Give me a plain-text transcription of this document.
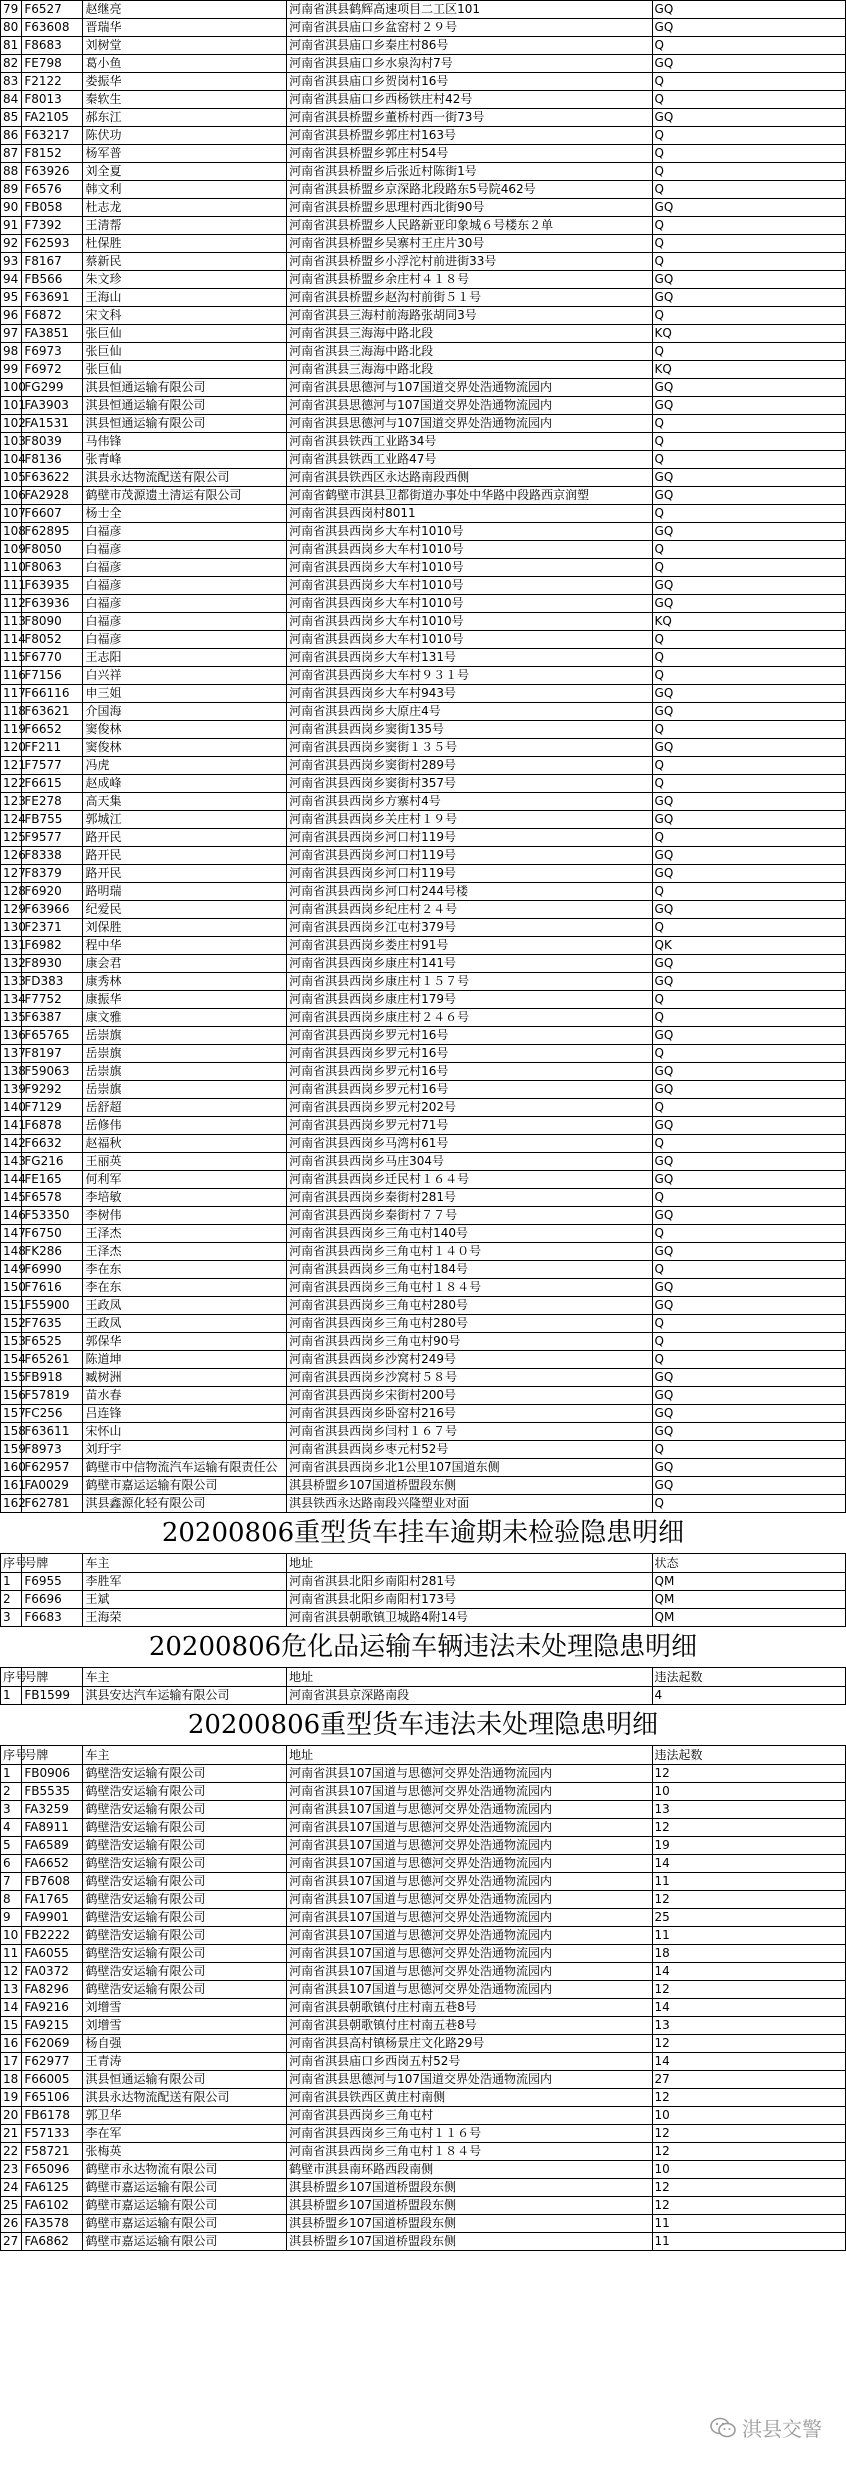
79	F6527	赵继亮	河南省淇县鹤辉高速项目二工区101	GQ
80	F63608	晋瑞华	河南省淇县庙口乡盆窑村２９号	GQ
81	F8683	刘树堂	河南省淇县庙口乡秦庄村86号	Q
82	FE798	葛小鱼	河南省淇县庙口乡水泉沟村7号	GQ
83	F2122	娄振华	河南省淇县庙口乡贺岗村16号	Q
84	F8013	秦软生	河南省淇县庙口乡西杨铁庄村42号	Q
85	FA2105	郝东江	河南省淇县桥盟乡董桥村西一街73号	GQ
86	F63217	陈伏功	河南省淇县桥盟乡郭庄村163号	Q
87	F8152	杨军普	河南省淇县桥盟乡郭庄村54号	Q
88	F63926	刘全夏	河南省淇县桥盟乡后张近村陈街1号	Q
89	F6576	韩文利	河南省淇县桥盟乡京深路北段路东5号院462号	Q
90	FB058	杜志龙	河南省淇县桥盟乡思理村西北街90号	GQ
91	F7392	王清帮	河南省淇县桥盟乡人民路新亚印象城６号楼东２单	Q
92	F62593	杜保胜	河南省淇县桥盟乡吴寨村王庄片30号	Q
93	F8167	蔡新民	河南省淇县桥盟乡小浮沱村前进街33号	Q
94	FB566	朱文珍	河南省淇县桥盟乡余庄村４１８号	GQ
95	F63691	王海山	河南省淇县桥盟乡赵沟村前街５１号	GQ
96	F6872	宋文科	河南省淇县三海村前海路张胡同3号	Q
97	FA3851	张巨仙	河南省淇县三海海中路北段	KQ
98	F6973	张巨仙	河南省淇县三海海中路北段	Q
99	F6972	张巨仙	河南省淇县三海海中路北段	KQ
100	FG299	淇县恒通运输有限公司	河南省淇县思德河与107国道交界处浩通物流园内	GQ
101	FA3903	淇县恒通运输有限公司	河南省淇县思德河与107国道交界处浩通物流园内	GQ
102	FA1531	淇县恒通运输有限公司	河南省淇县思德河与107国道交界处浩通物流园内	Q
103	F8039	马伟锋	河南省淇县铁西工业路34号	Q
104	F8136	张青峰	河南省淇县铁西工业路47号	Q
105	F63622	淇县永达物流配送有限公司	河南省淇县铁西区永达路南段西侧	GQ
106	FA2928	鹤壁市茂源遗土清运有限公司	河南省鹤壁市淇县卫都街道办事处中华路中段路西京润塑	GQ
107	F6607	杨士全	河南省淇县西岗村8011	Q
108	F62895	白福彦	河南省淇县西岗乡大车村1010号	GQ
109	F8050	白福彦	河南省淇县西岗乡大车村1010号	Q
110	F8063	白福彦	河南省淇县西岗乡大车村1010号	Q
111	F63935	白福彦	河南省淇县西岗乡大车村1010号	GQ
112	F63936	白福彦	河南省淇县西岗乡大车村1010号	GQ
113	F8090	白福彦	河南省淇县西岗乡大车村1010号	KQ
114	F8052	白福彦	河南省淇县西岗乡大车村1010号	Q
115	F6770	王志阳	河南省淇县西岗乡大车村131号	Q
116	F7156	白兴祥	河南省淇县西岗乡大车村９３１号	Q
117	F66116	申三姐	河南省淇县西岗乡大车村943号	GQ
118	F63621	介国海	河南省淇县西岗乡大原庄4号	GQ
119	F6652	窦俊林	河南省淇县西岗乡窦街135号	Q
120	FF211	窦俊林	河南省淇县西岗乡窦街１３５号	GQ
121	F7577	冯虎	河南省淇县西岗乡窦街村289号	Q
122	F6615	赵成峰	河南省淇县西岗乡窦街村357号	Q
123	FE278	高天集	河南省淇县西岗乡方寨村4号	GQ
124	FB755	郭城江	河南省淇县西岗乡关庄村１９号	GQ
125	F9577	路开民	河南省淇县西岗乡河口村119号	Q
126	F8338	路开民	河南省淇县西岗乡河口村119号	GQ
127	F8379	路开民	河南省淇县西岗乡河口村119号	GQ
128	F6920	路明瑞	河南省淇县西岗乡河口村244号楼	Q
129	F63966	纪爱民	河南省淇县西岗乡纪庄村２４号	GQ
130	F2371	刘保胜	河南省淇县西岗乡江屯村379号	Q
131	F6982	程中华	河南省淇县西岗乡娄庄村91号	QK
132	F8930	康会君	河南省淇县西岗乡康庄村141号	GQ
133	FD383	康秀林	河南省淇县西岗乡康庄村１５７号	GQ
134	F7752	康振华	河南省淇县西岗乡康庄村179号	Q
135	F6387	康文雅	河南省淇县西岗乡康庄村２４６号	Q
136	F65765	岳崇旗	河南省淇县西岗乡罗元村16号	GQ
137	F8197	岳崇旗	河南省淇县西岗乡罗元村16号	Q
138	F59063	岳崇旗	河南省淇县西岗乡罗元村16号	GQ
139	F9292	岳崇旗	河南省淇县西岗乡罗元村16号	GQ
140	F7129	岳舒超	河南省淇县西岗乡罗元村202号	Q
141	F6878	岳修伟	河南省淇县西岗乡罗元村71号	GQ
142	F6632	赵福秋	河南省淇县西岗乡马湾村61号	Q
143	FG216	王丽英	河南省淇县西岗乡马庄304号	GQ
144	FE165	何利军	河南省淇县西岗乡迁民村１６４号	GQ
145	F6578	李培敏	河南省淇县西岗乡秦街村281号	Q
146	F53350	李树伟	河南省淇县西岗乡秦街村７７号	GQ
147	F6750	王泽杰	河南省淇县西岗乡三角屯村140号	Q
148	FK286	王泽杰	河南省淇县西岗乡三角屯村１４０号	GQ
149	F6990	李在东	河南省淇县西岗乡三角屯村184号	Q
150	F7616	李在东	河南省淇县西岗乡三角屯村１８４号	GQ
151	F55900	王政凤	河南省淇县西岗乡三角屯村280号	GQ
152	F7635	王政凤	河南省淇县西岗乡三角屯村280号	Q
153	F6525	郭保华	河南省淇县西岗乡三角屯村90号	Q
154	F65261	陈道坤	河南省淇县西岗乡沙窝村249号	Q
155	FB918	臧树洲	河南省淇县西岗乡沙窝村５８号	GQ
156	F57819	苗水春	河南省淇县西岗乡宋街村200号	GQ
157	FC256	吕连锋	河南省淇县西岗乡卧窑村216号	GQ
158	F63611	宋怀山	河南省淇县西岗乡闫村１６７号	GQ
159	F8973	刘玗宇	河南省淇县西岗乡枣元村52号	Q
160	F62957	鹤壁市中信物流汽车运输有限责任公	河南省淇县西岗乡北1公里107国道东侧	GQ
161	FA0029	鹤壁市嘉运运输有限公司	淇县桥盟乡107国道桥盟段东侧	GQ
162	F62781	淇县鑫源化轻有限公司	淇县铁西永达路南段兴隆塑业对面	Q
20200806重型货车挂车逾期未检验隐患明细
序号	号牌	车主	地址	状态
1	F6955	李胜军	河南省淇县北阳乡南阳村281号	QM
2	F6696	王斌	河南省淇县北阳乡南阳村173号	QM
3	F6683	王海荣	河南省淇县朝歌镇卫城路4附14号	QM
20200806危化品运输车辆违法未处理隐患明细
序号	号牌	车主	地址	违法起数
1	FB1599	淇县安达汽车运输有限公司	河南省淇县京深路南段	4
20200806重型货车违法未处理隐患明细
序号	号牌	车主	地址	违法起数
1	FB0906	鹤壁浩安运输有限公司	河南省淇县107国道与思德河交界处浩通物流园内	12
2	FB5535	鹤壁浩安运输有限公司	河南省淇县107国道与思德河交界处浩通物流园内	10
3	FA3259	鹤壁浩安运输有限公司	河南省淇县107国道与思德河交界处浩通物流园内	13
4	FA8911	鹤壁浩安运输有限公司	河南省淇县107国道与思德河交界处浩通物流园内	12
5	FA6589	鹤壁浩安运输有限公司	河南省淇县107国道与思德河交界处浩通物流园内	19
6	FA6652	鹤壁浩安运输有限公司	河南省淇县107国道与思德河交界处浩通物流园内	14
7	FB7608	鹤壁浩安运输有限公司	河南省淇县107国道与思德河交界处浩通物流园内	11
8	FA1765	鹤壁浩安运输有限公司	河南省淇县107国道与思德河交界处浩通物流园内	12
9	FA9901	鹤壁浩安运输有限公司	河南省淇县107国道与思德河交界处浩通物流园内	25
10	FB2222	鹤壁浩安运输有限公司	河南省淇县107国道与思德河交界处浩通物流园内	11
11	FA6055	鹤壁浩安运输有限公司	河南省淇县107国道与思德河交界处浩通物流园内	18
12	FA0372	鹤壁浩安运输有限公司	河南省淇县107国道与思德河交界处浩通物流园内	14
13	FA8296	鹤壁浩安运输有限公司	河南省淇县107国道与思德河交界处浩通物流园内	12
14	FA9216	刘增雪	河南省淇县朝歌镇付庄村南五巷8号	14
15	FA9215	刘增雪	河南省淇县朝歌镇付庄村南五巷8号	13
16	F62069	杨自强	河南省淇县高村镇杨景庄文化路29号	12
17	F62977	王青涛	河南省淇县庙口乡西岗五村52号	14
18	F66005	淇县恒通运输有限公司	河南省淇县思德河与107国道交界处浩通物流园内	27
19	F65106	淇县永达物流配送有限公司	河南省淇县铁西区黄庄村南侧	12
20	FB6178	郭卫华	河南省淇县西岗乡三角屯村	10
21	F57133	李在军	河南省淇县西岗乡三角屯村１１６号	12
22	F58721	张梅英	河南省淇县西岗乡三角屯村１８４号	12
23	F65096	鹤壁市永达物流有限公司	鹤壁市淇县南环路西段南侧	10
24	FA6125	鹤壁市嘉运运输有限公司	淇县桥盟乡107国道桥盟段东侧	12
25	FA6102	鹤壁市嘉运运输有限公司	淇县桥盟乡107国道桥盟段东侧	12
26	FA3578	鹤壁市嘉运运输有限公司	淇县桥盟乡107国道桥盟段东侧	11
27	FA6862	鹤壁市嘉运运输有限公司	淇县桥盟乡107国道桥盟段东侧	11
淇县交警
